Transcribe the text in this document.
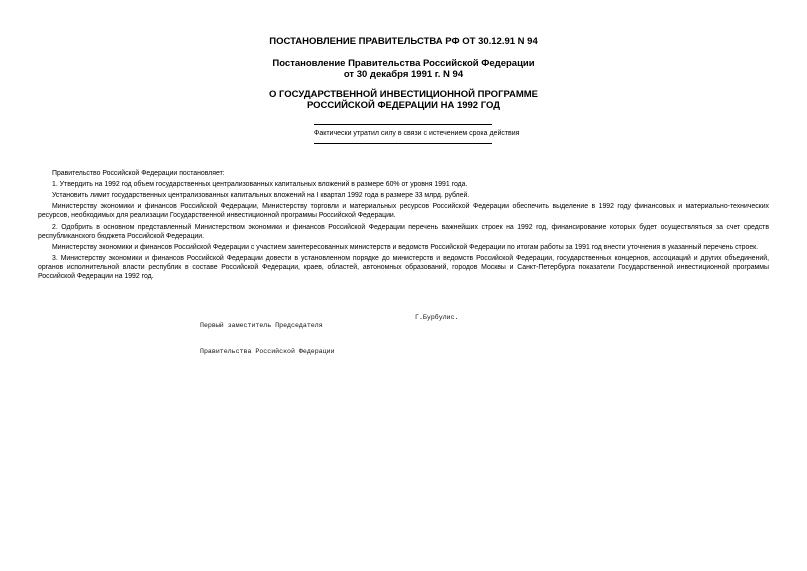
ПОСТАНОВЛЕНИЕ ПРАВИТЕЛЬСТВА РФ ОТ 30.12.91 N 94
Постановление Правительства Российской Федерации
от 30 декабря 1991 г. N 94
О ГОСУДАРСТВЕННОЙ ИНВЕСТИЦИОННОЙ ПРОГРАММЕ
РОССИЙСКОЙ ФЕДЕРАЦИИ НА 1992 ГОД
Фактически утратил силу в связи с истечением срока действия

Правительство Российской Федерации постановляет:

1. Утвердить на 1992 год объем государственных централизованных капитальных вложений в размере 60% от уровня 1991 года.

Установить лимит государственных централизованных капитальных вложений на I квартал 1992 года в размере 33 млрд. рублей.

Министерству экономики и финансов Российской Федерации, Министерству торговли и материальных ресурсов Российской Федерации обеспечить выделение в 1992 году финансовых и материально-технических ресурсов, необходимых для реализации Государственной инвестиционной программы Российской Федерации.

2. Одобрить в основном представленный Министерством экономики и финансов Российской Федерации перечень важнейших строек на 1992 год, финансирование которых будет осуществляться за счет средств республиканского бюджета Российской Федерации.

Министерству экономики и финансов Российской Федерации с участием заинтересованных министерств и ведомств Российской Федерации по итогам работы за 1991 год внести уточнения в указанный перечень строек.

3. Министерству экономики и финансов Российской Федерации довести в установленном порядке до министерств и ведомств Российской Федерации, государственных концернов, ассоциаций и других объединений, органов исполнительной власти республик в составе Российской Федерации, краев, областей, автономных образований, городов Москвы и Санкт-Петербурга показатели Государственной инвестиционной программы Российской Федерации на 1992 год.

Первый заместитель Председателя

Правительства Российской Федерации

Г.Бурбулис.
